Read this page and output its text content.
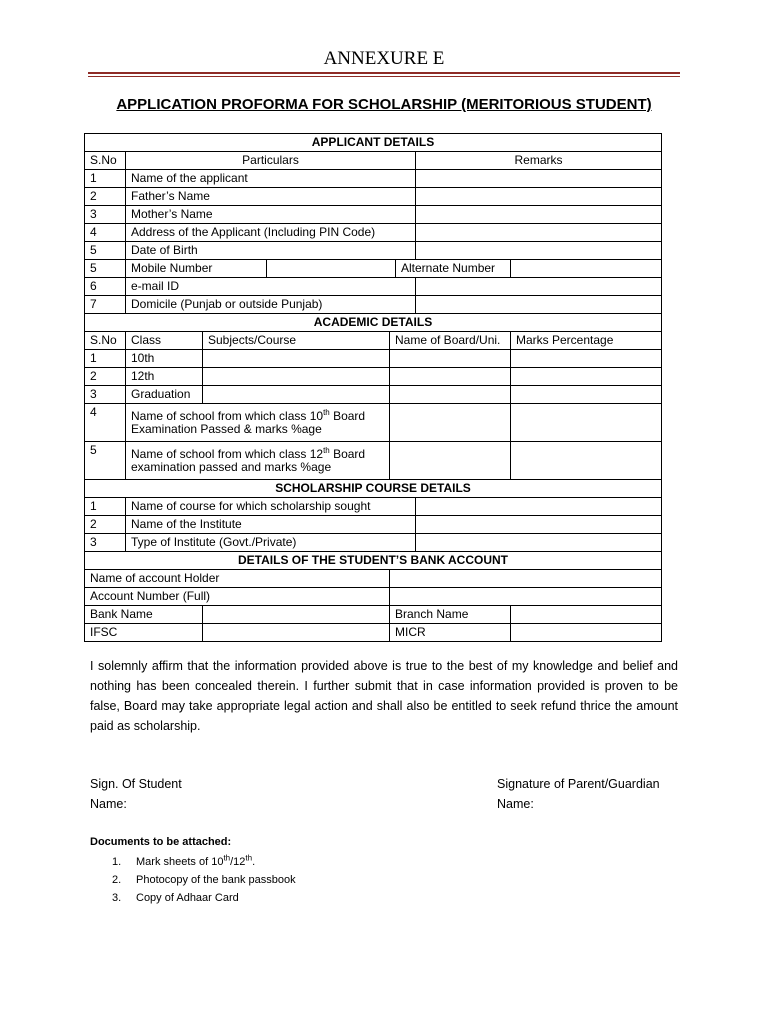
ANNEXURE E
APPLICATION PROFORMA FOR SCHOLARSHIP (MERITORIOUS STUDENT)
APPLICANT DETAILS							
S.No	Particulars					Remarks	
1	Name of the applicant						
2	Father’s Name						
3	Mother’s Name						
4	Address of the Applicant (Including PIN Code)						
5	Date of Birth						
5	Mobile Number				Alternate Number		
6	e-mail ID						
7	Domicile (Punjab or outside Punjab)						
ACADEMIC DETAILS							
S.No	Class	Subjects/Course		Name of Board/Uni.			Marks Percentage
1	10th						
2	12th						
3	Graduation						
4	Name of school from which class 10th Board
Examination Passed & marks %age						
5	Name of school from which class 12th Board
examination passed and marks %age						
SCHOLARSHIP COURSE DETAILS							
1	Name of course for which scholarship sought						
2	Name of the Institute						
3	Type of Institute (Govt./Private)						
DETAILS OF THE STUDENT’S BANK ACCOUNT							
Name of account Holder							
Account Number (Full)							
Bank Name				Branch Name			
IFSC				MICR			
I solemnly affirm that the information provided above is true to the best of my knowledge and belief and nothing has been concealed therein. I further submit that in case information provided is proven to be false, Board may take appropriate legal action and shall also be entitled to seek refund thrice the amount paid as scholarship.
Sign. Of Student
Name:
Signature of Parent/Guardian
Name:
Documents to be attached:
1. Mark sheets of 10th/12th.
2. Photocopy of the bank passbook
3. Copy of Adhaar Card
